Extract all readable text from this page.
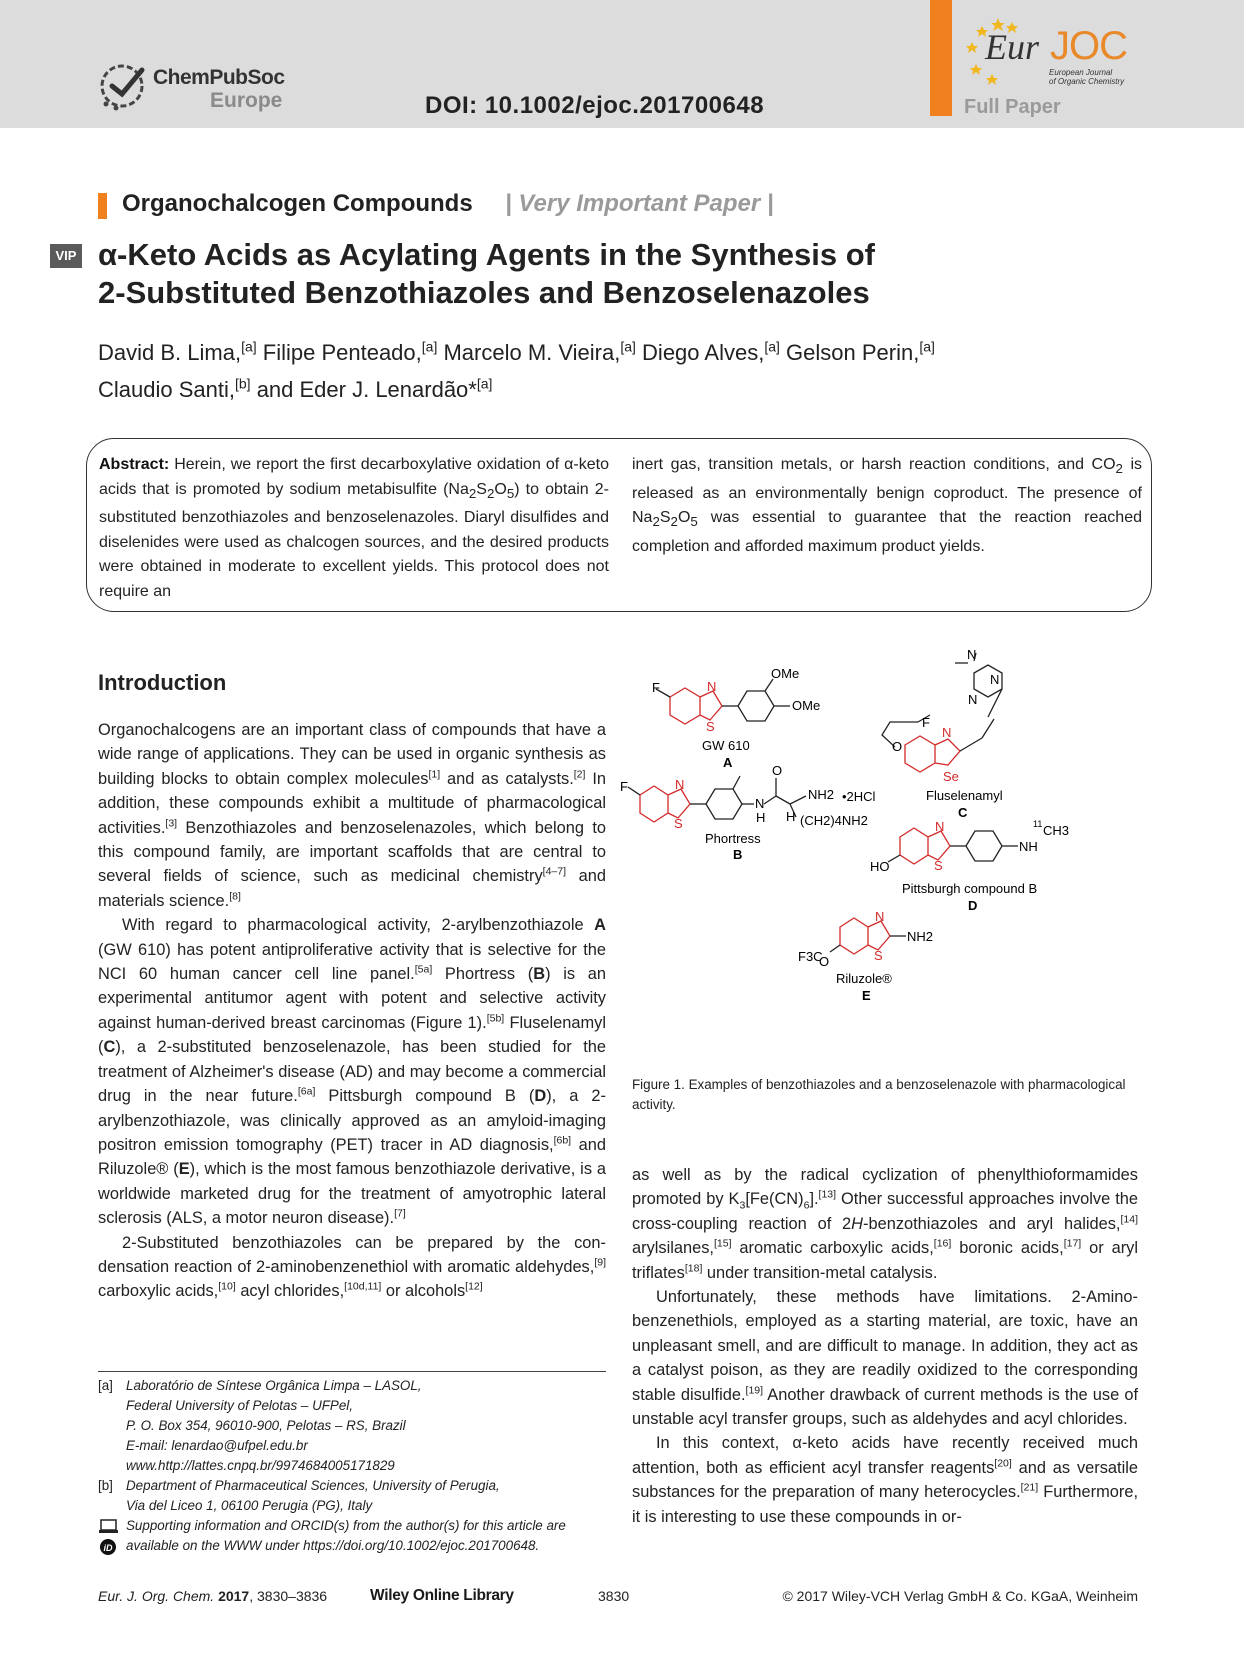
ChemPubSoc
Europe	DOI: 10.1002/ejoc.201700648
Eur JOC
European Journal
of Organic Chemistry
Full Paper
Organochalcogen Compounds | Very Important Paper |
VIP α-Keto Acids as Acylating Agents in the Synthesis of
2-Substituted Benzothiazoles and Benzoselenazoles
David B. Lima,[a] Filipe Penteado,[a] Marcelo M. Vieira,[a] Diego Alves,[a] Gelson Perin,[a]
Claudio Santi,[b] and Eder J. Lenardão*[a]
Abstract: Herein, we report the first decarboxylative oxidation of α-keto acids that is promoted by sodium metabisulfite $(Na_2S_2O_5)$ to obtain 2-substituted benzothiazoles and benzoselenazoles. Diaryl disulfides and diselenides were used as chalcogen sources, and the desired products were obtained in moderate to excellent yields. This protocol does not require an
inert gas, transition metals, or harsh reaction conditions, and $CO_2$ is released as an environmentally benign coproduct. The presence of $Na_2S_2O_5$ was essential to guarantee that the reaction reached completion and afforded maximum product yields.
Introduction

Organochalcogens are an important class of compounds that have a wide range of applications. They can be used in organic synthesis as building blocks to obtain complex molecules[1] and as catalysts.[2] In addition, these compounds exhibit a multitude of pharmacological activities.[3] Benzothiazoles and benzoselenazoles, which belong to this compound family, are important scaffolds that are central to several fields of science, such as medicinal chemistry[4–7] and materials science.[8]

With regard to pharmacological activity, 2-arylbenzothiazole A (GW 610) has potent antiproliferative activity that is selective for the NCI 60 human cancer cell line panel.[5a] Phortress (B) is an experimental antitumor agent with potent and selective activity against human-derived breast carcinomas (Figure 1).[5b] Fluselenamyl (C), a 2-substituted benzoselenazole, has been studied for the treatment of Alzheimer's disease (AD) and may become a commercial drug in the near future.[6a] Pittsburgh compound B (D), a 2-arylbenzothiazole, was clinically approved as an amyloid-imaging positron emission tomography (PET) tracer in AD diagnosis,[6b] and Riluzole® (E), which is the most famous benzothiazole derivative, is a worldwide marketed drug for the treatment of amyotrophic lateral sclerosis (ALS, a motor neuron disease).[7]

2-Substituted benzothiazoles can be prepared by the condensation reaction of 2-aminobenzenethiol with aromatic aldehydes,[9] carboxylic acids,[10] acyl chlorides,[10d,11] or alcohols[12]

[a] Laboratório de Síntese Orgânica Limpa – LASOL,
Federal University of Pelotas – UFPel,
P. O. Box 354, 96010-900, Pelotas – RS, Brazil
E-mail: lenardao@ufpel.edu.br
www.http://lattes.cnpq.br/9974684005171829
[b] Department of Pharmaceutical Sciences, University of Perugia,
Via del Liceo 1, 06100 Perugia (PG), Italy
iD
Supporting information and ORCID(s) from the author(s) for this article are
available on the WWW under https://doi.org/10.1002/ejoc.201700648.
F	N
S
OMe
OMe
GW 610
A
N
N
N
F
O
N
Se
Fluselenamyl
C
F	N
S
N
H
O
NH2 •2HCl
H (CH2)4NH2
Phortress
B
HO
N
S
NH
11 CH3
Pittsburgh compound B
D
F3C
O
N
S
NH2
Riluzole®
E
Figure 1. Examples of benzothiazoles and a benzoselenazole with pharmacological activity.

as well as by the radical cyclization of phenylthioformamides promoted by $K_3[Fe(CN)_6].[13]$ Other successful approaches involve the cross-coupling reaction of 2H-benzothiazoles and aryl halides,[14] arylsilanes,[15] aromatic carboxylic acids,[16] boronic acids,[17] or aryl triflates[18] under transition-metal catalysis.

Unfortunately, these methods have limitations. 2-Aminobenzenethiols, employed as a starting material, are toxic, have an unpleasant smell, and are difficult to manage. In addition, they act as a catalyst poison, as they are readily oxidized to the corresponding stable disulfide.[19] Another drawback of current methods is the use of unstable acyl transfer groups, such as aldehydes and acyl chlorides.

In this context, α-keto acids have recently received much attention, both as efficient acyl transfer reagents[20] and as versatile substances for the preparation of many heterocycles.[21] Furthermore, it is interesting to use these compounds in or-

Eur. J. Org. Chem. 2017, 3830–3836	Wiley Online Library	3830	© 2017 Wiley-VCH Verlag GmbH & Co. KGaA, Weinheim
